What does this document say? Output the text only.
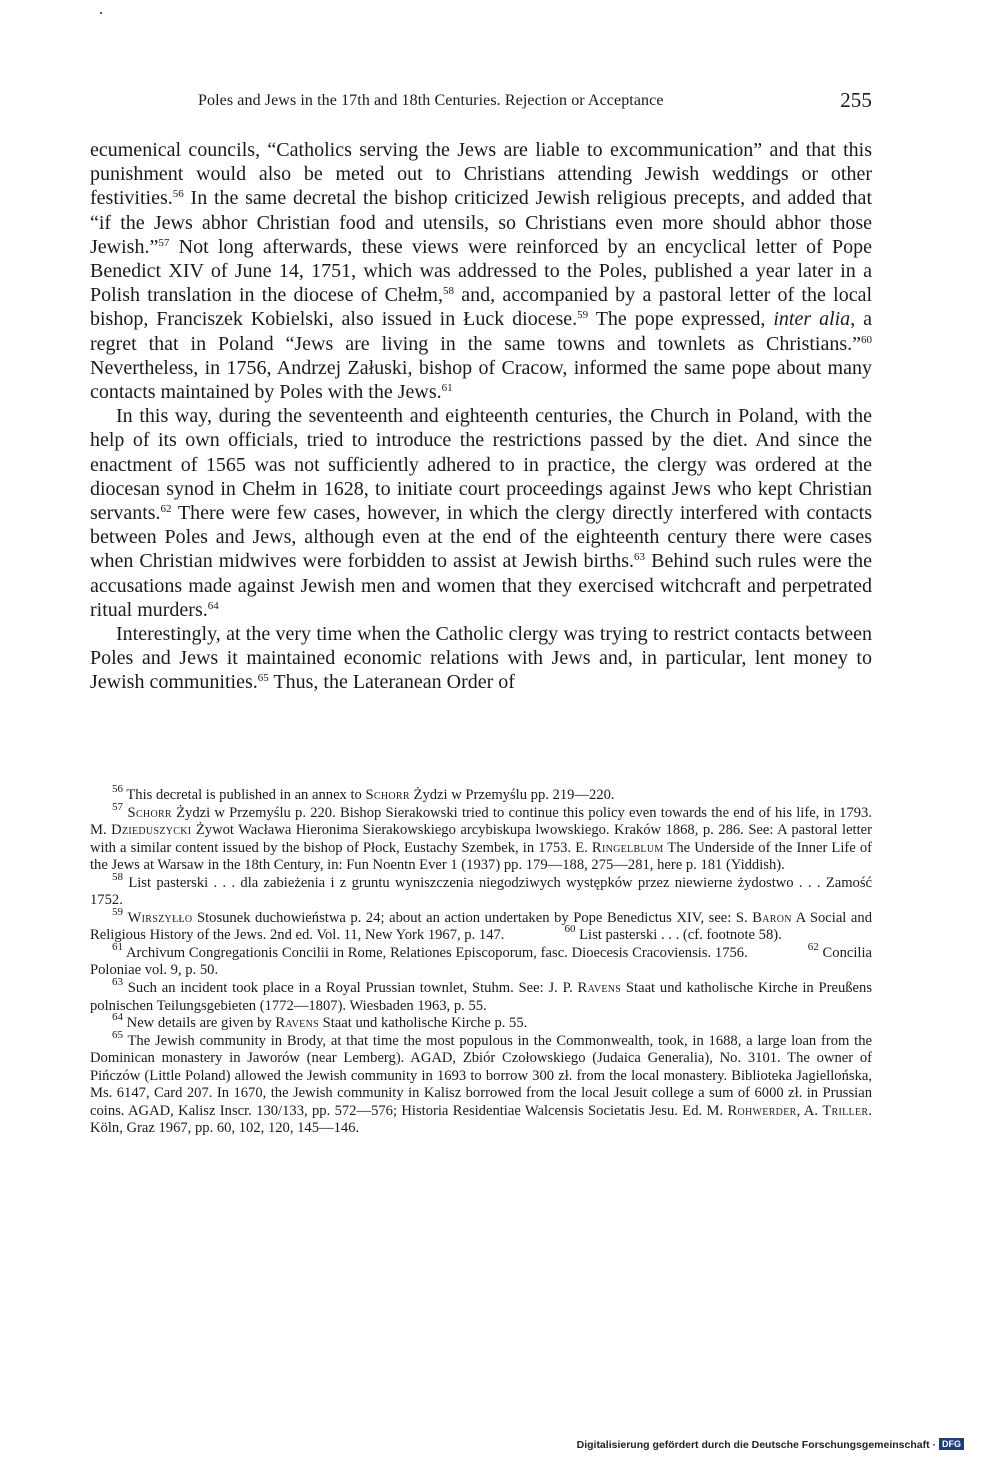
Poles and Jews in the 17th and 18th Centuries. Rejection or Acceptance	255

ecumenical councils, “Catholics serving the Jews are liable to excommunication” and that this punishment would also be meted out to Christians attending Jewish weddings or other festivities.$^{56}$ In the same decretal the bishop criticized Jewish religious precepts, and added that “if the Jews abhor Christian food and utensils, so Christians even more should abhor those Jewish.”$^{57}$ Not long afterwards, these views were reinforced by an encyclical letter of Pope Benedict XIV of June 14, 1751, which was addressed to the Poles, published a year later in a Polish translation in the diocese of Chełm,$^{58}$ and, accompanied by a pastoral letter of the local bishop, Franciszek Kobielski, also issued in Łuck diocese.$^{59}$ The pope expressed, inter alia, a regret that in Poland “Jews are living in the same towns and townlets as Christians.”$^{60}$ Nevertheless, in 1756, Andrzej Załuski, bishop of Cracow, informed the same pope about many contacts maintained by Poles with the Jews.$^{61}$

In this way, during the seventeenth and eighteenth centuries, the Church in Poland, with the help of its own officials, tried to introduce the restrictions passed by the diet. And since the enactment of 1565 was not sufficiently adhered to in practice, the clergy was ordered at the diocesan synod in Chełm in 1628, to initiate court proceedings against Jews who kept Christian servants.$^{62}$ There were few cases, however, in which the clergy directly interfered with contacts between Poles and Jews, although even at the end of the eighteenth century there were cases when Christian midwives were forbidden to assist at Jewish births.$^{63}$ Behind such rules were the accusations made against Jewish men and women that they exercised witchcraft and perpetrated ritual murders.$^{64}$

Interestingly, at the very time when the Catholic clergy was trying to restrict contacts between Poles and Jews it maintained economic relations with Jews and, in particular, lent money to Jewish communities.$^{65}$ Thus, the Lateranean Order of

$^{56}$ This decretal is published in an annex to Schorr Żydzi w Przemyślu pp. 219—220.

$^{57}$ Schorr Żydzi w Przemyślu p. 220. Bishop Sierakowski tried to continue this policy even towards the end of his life, in 1793. M. Dzieduszycki Żywot Wacława Hieronima Sierakowskiego arcybiskupa lwowskiego. Kraków 1868, p. 286. See: A pastoral letter with a similar content issued by the bishop of Płock, Eustachy Szembek, in 1753. E. Ringelblum The Underside of the Inner Life of the Jews at Warsaw in the 18th Century, in: Fun Noentn Ever 1 (1937) pp. 179—188, 275—281, here p. 181 (Yiddish).

$^{58}$ List pasterski . . . dla zabieżenia i z gruntu wyniszczenia niegodziwych występków przez niewierne żydostwo . . . Zamość 1752.

$^{59}$ Wirszyłło Stosunek duchowieństwa p. 24; about an action undertaken by Pope Benedictus XIV, see: S. Baron A Social and Religious History of the Jews. 2nd ed. Vol. 11, New York 1967, p. 147.	$^{60}$ List pasterski . . . (cf. footnote 58).

$^{61}$ Archivum Congregationis Concilii in Rome, Relationes Episcoporum, fasc. Dioecesis Cracoviensis. 1756.	$^{62}$ Concilia Poloniae vol. 9, p. 50.

$^{63}$ Such an incident took place in a Royal Prussian townlet, Stuhm. See: J. P. Ravens Staat und katholische Kirche in Preußens polnischen Teilungsgebieten (1772—1807). Wiesbaden 1963, p. 55.

$^{64}$ New details are given by Ravens Staat und katholische Kirche p. 55.

$^{65}$ The Jewish community in Brody, at that time the most populous in the Commonwealth, took, in 1688, a large loan from the Dominican monastery in Jaworów (near Lemberg). AGAD, Zbiór Czołowskiego (Judaica Generalia), No. 3101. The owner of Pińczów (Little Poland) allowed the Jewish community in 1693 to borrow 300 zł. from the local monastery. Biblioteka Jagiellońska, Ms. 6147, Card 207. In 1670, the Jewish community in Kalisz borrowed from the local Jesuit college a sum of 6000 zł. in Prussian coins. AGAD, Kalisz Inscr. 130/133, pp. 572—576; Historia Residentiae Walcensis Societatis Jesu. Ed. M. Rohwerder, A. Triller. Köln, Graz 1967, pp. 60, 102, 120, 145—146.

Digitalisierung gefördert durch die Deutsche Forschungsgemeinschaft · DFG
